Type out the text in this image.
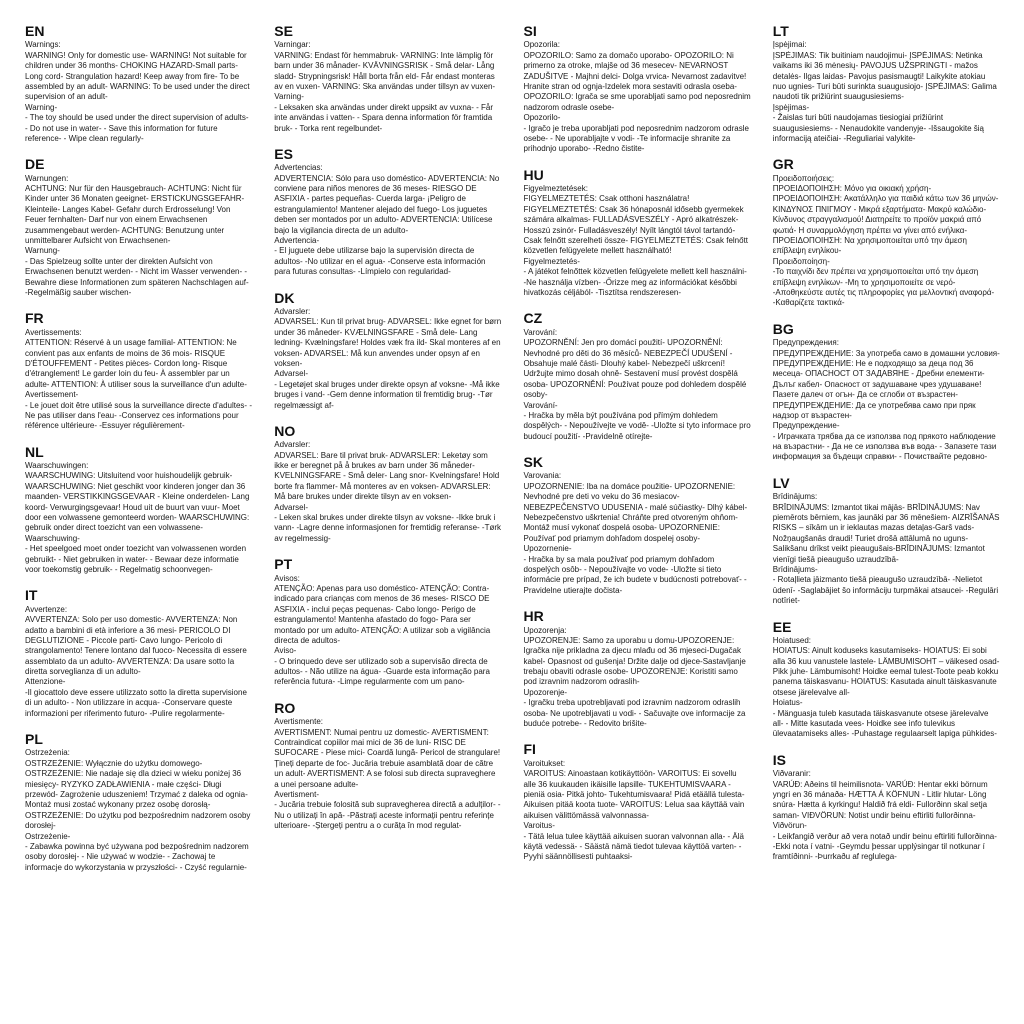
EN

Warnings:

WARNING! Only for domestic use- WARNING! Not suitable for children under 36 months- CHOKING HAZARD-Small parts- Long cord- Strangulation hazard! Keep away from fire- To be assembled by an adult- WARNING: To be used under the direct supervision of an adult-

Warning-

- The toy should be used under the direct supervision of adults- - Do not use in water- - Save this information for future reference- - Wipe clean regularly-

DE

Warnungen:

ACHTUNG: Nur für den Hausgebrauch- ACHTUNG: Nicht für Kinder unter 36 Monaten geeignet- ERSTICKUNGSGEFAHR-Kleinteile- Langes Kabel- Gefahr durch Erdrosselung! Von Feuer fernhalten- Darf nur von einem Erwachsenen zusammengebaut werden- ACHTUNG: Benutzung unter unmittelbarer Aufsicht von Erwachsenen-

Warnung-

- Das Spielzeug sollte unter der direkten Aufsicht von Erwachsenen benutzt werden- - Nicht im Wasser verwenden- -Bewahre diese Informationen zum späteren Nachschlagen auf- -Regelmäßig sauber wischen-

FR

Avertissements:

ATTENTION: Réservé à un usage familial- ATTENTION: Ne convient pas aux enfants de moins de 36 mois- RISQUE D'ÉTOUFFEMENT - Petites pièces- Cordon long- Risque d'étranglement! Le garder loin du feu- À assembler par un adulte- ATTENTION: À utiliser sous la surveillance d'un adulte-

Avertissement-

- Le jouet doit être utilisé sous la surveillance directe d'adultes- -Ne pas utiliser dans l'eau- -Conservez ces informations pour référence ultérieure- -Essuyer régulièrement-

NL

Waarschuwingen:

WAARSCHUWING: Uitsluitend voor huishoudelijk gebruik- WAARSCHUWING: Niet geschikt voor kinderen jonger dan 36 maanden- VERSTIKKINGSGEVAAR - Kleine onderdelen- Lang koord- Verwurgingsgevaar! Houd uit de buurt van vuur- Moet door een volwassene gemonteerd worden- WAARSCHUWING: gebruik onder direct toezicht van een volwassene-

Waarschuwing-

- Het speelgoed moet onder toezicht van volwassenen worden gebruikt- - Niet gebruiken in water- - Bewaar deze informatie voor toekomstig gebruik- - Regelmatig schoonvegen-

IT

Avvertenze:

AVVERTENZA: Solo per uso domestic- AVVERTENZA: Non adatto a bambini di età inferiore a 36 mesi- PERICOLO DI DEGLUTIZIONE - Piccole parti- Cavo lungo- Pericolo di strangolamento! Tenere lontano dal fuoco- Necessita di essere assemblato da un adulto- AVVERTENZA: Da usare sotto la diretta sorveglianza di un adulto-

Attenzione-

-Il giocattolo deve essere utilizzato sotto la diretta supervisione di un adulto- - Non utilizzare in acqua- -Conservare queste informazioni per riferimento futuro- -Pulire regolarmente-

PL

Ostrzeżenia:

OSTRZEŻENIE: Wyłącznie do użytku domowego- OSTRZEŻENIE: Nie nadaje się dla dzieci w wieku poniżej 36 miesięcy- RYZYKO ZADŁAWIENIA - małe części- Długi przewód- Zagrożenie uduszeniem! Trzymać z daleka od ognia- Montaż musi zostać wykonany przez osobę dorosłą- OSTRZEŻENIE: Do użytku pod bezpośrednim nadzorem osoby dorosłej-

Ostrzeżenie-

- Zabawka powinna być używana pod bezpośrednim nadzorem osoby dorosłej- - Nie używać w wodzie- - Zachowaj te informacje do wykorzystania w przyszłości- - Czyść regularnie-

SE

Varningar:

VARNING: Endast för hemmabruk- VARNING: Inte lämplig för barn under 36 månader- KVÄVNINGSRISK - Små delar- Lång sladd- Strypningsrisk! Håll borta från eld- Får endast monteras av en vuxen- VARNING: Ska användas under tillsyn av vuxen-

Varning-

- Leksaken ska användas under direkt uppsikt av vuxna- - Får inte användas i vatten- - Spara denna information för framtida bruk- - Torka rent regelbundet-

ES

Advertencias:

ADVERTENCIA: Sólo para uso doméstico- ADVERTENCIA: No conviene para niños menores de 36 meses- RIESGO DE ASFIXIA - partes pequeñas- Cuerda larga- ¡Peligro de estrangulamiento! Mantener alejado del fuego- Los juguetes deben ser montados por un adulto- ADVERTENCIA: Utilícese bajo la vigilancia directa de un adulto-

Advertencia-

- El juguete debe utilizarse bajo la supervisión directa de adultos- -No utilizar en el agua- -Conserve esta información para futuras consultas- -Límpielo con regularidad-

DK

Advarsler:

ADVARSEL: Kun til privat brug- ADVARSEL: Ikke egnet for børn under 36 måneder- KVÆLNINGSFARE - Små dele- Lang ledning- Kvælningsfare! Holdes væk fra ild- Skal monteres af en voksen- ADVARSEL: Må kun anvendes under opsyn af en voksen-

Advarsel-

- Legetøjet skal bruges under direkte opsyn af voksne- -Må ikke bruges i vand- -Gem denne information til fremtidig brug- -Tør regelmæssigt af-

NO

Advarsler:

ADVARSEL: Bare til privat bruk- ADVARSLER: Leketøy som ikke er beregnet på å brukes av barn under 36 måneder- KVELNINGSFARE - Små deler- Lang snor- Kvelningsfare! Hold borte fra flammer- Må monteres av en voksen- ADVARSLER: Må bare brukes under direkte tilsyn av en voksen-

Advarsel-

- Leken skal brukes under direkte tilsyn av voksne- -Ikke bruk i vann- -Lagre denne informasjonen for fremtidig referanse- -Tørk av regelmessig-

PT

Avisos:

ATENÇÃO: Apenas para uso doméstico- ATENÇÃO: Contra-indicado para crianças com menos de 36 meses- RISCO DE ASFIXIA - inclui peças pequenas- Cabo longo- Perigo de estrangulamento! Mantenha afastado do fogo- Para ser montado por um adulto- ATENÇÃO: A utilizar sob a vigilância directa de adultos-

Aviso-

- O brinquedo deve ser utilizado sob a supervisão directa de adultos- - Não utilize na água- -Guarde esta informação para referência futura- -Limpe regularmente com um pano-

RO

Avertismente:

AVERTISMENT: Numai pentru uz domestic- AVERTISMENT: Contraindicat copiilor mai mici de 36 de luni- RISC DE SUFOCARE - Piese mici- Coardă lungă- Pericol de strangulare! Țineți departe de foc- Jucăria trebuie asamblată doar de către un adult- AVERTISMENT: A se folosi sub directa supraveghere a unei persoane adulte-

Avertisment-

- Jucăria trebuie folosită sub supravegherea directă a adulților- - Nu o utilizați în apă- -Păstrați aceste informații pentru referințe ulterioare- -Ștergeți pentru a o curăța în mod regulat-

SI

Opozorila:

OPOZORILO: Samo za domačo uporabo- OPOZORILO: Ni primerno za otroke, mlajše od 36 mesecev- NEVARNOST ZADUŠITVE - Majhni delci- Dolga vrvica- Nevarnost zadavitve! Hranite stran od ognja-Izdelek mora sestaviti odrasla oseba- OPOZORILO: Igrača se sme uporabljati samo pod neposrednim nadzorom odrasle osebe-

Opozorilo-

- Igračo je treba uporabljati pod neposrednim nadzorom odrasle osebe- - Ne uporabljajte v vodi- -Te informacije shranite za prihodnjo uporabo- -Redno čistite-

HU

Figyelmeztetések:

FIGYELMEZTETÉS: Csak otthoni használatra! FIGYELMEZTETÉS: Csak 36 hónaposnál idősebb gyermekek számára alkalmas- FULLADÁSVESZÉLY - Apró alkatrészek- Hosszú zsinór- Fulladásveszély! Nyílt lángtól távol tartandó- Csak felnőtt szerelheti össze- FIGYELMEZTETÉS: Csak felnőtt közvetlen felügyelete mellett használható!

Figyelmeztetés-

- A játékot felnőttek közvetlen felügyelete mellett kell használni- -Ne használja vízben- -Őrizze meg az információkat későbbi hivatkozás céljából- -Tisztítsa rendszeresen-

CZ

Varování:

UPOZORNĚNÍ: Jen pro domácí použití- UPOZORNĚNÍ: Nevhodné pro děti do 36 měsíců- NEBEZPEČÍ UDUŠENÍ - Obsahuje malé části- Dlouhý kabel- Nebezpečí uškrcení! Udržujte mimo dosah ohně- Sestavení musí provést dospělá osoba- UPOZORNĚNÍ: Používat pouze pod dohledem dospělé osoby-

Varování-

- Hračka by měla být používána pod přímým dohledem dospělých- - Nepoužívejte ve vodě- -Uložte si tyto informace pro budoucí použití- -Pravidelně otírejte-

SK

Varovania:

UPOZORNENIE: Iba na domáce použitie- UPOZORNENIE: Nevhodné pre deti vo veku do 36 mesiacov- NEBEZPEČENSTVO UDUSENIA - malé súčiastky- Dlhý kábel- Nebezpečenstvo uškrtenia! Chráňte pred otvoreným ohňom- Montáž musí vykonať dospelá osoba- UPOZORNENIE: Používať pod priamym dohľadom dospelej osoby-

Upozornenie-

- Hračka by sa mala používať pod priamym dohľadom dospelých osôb- - Nepoužívajte vo vode- -Uložte si tieto informácie pre prípad, že ich budete v budúcnosti potrebovať- -Pravidelne utierajte dočista-

HR

Upozorenja:

UPOZORENJE: Samo za uporabu u domu-UPOZORENJE: Igračka nije prikladna za djecu mlađu od 36 mjeseci-Dugačak kabel- Opasnost od gušenja! Držite dalje od djece-Sastavljanje trebaju obaviti odrasle osobe- UPOZORENJE: Koristiti samo pod izravnim nadzorom odraslih-

Upozorenje-

- Igračku treba upotrebljavati pod izravnim nadzorom odraslih osoba- Ne upotrebljavati u vodi- - Sačuvajte ove informacije za buduće potrebe- - Redovito brišite-

FI

Varoitukset:

VAROITUS: Ainoastaan kotikäyttöön- VAROITUS: Ei sovellu alle 36 kuukauden ikäisille lapsille- TUKEHTUMISVAARA - pieniä osia- Pitkä johto- Tukehtumisvaara! Pidä etäällä tulesta- Aikuisen pitää koota tuote- VAROITUS: Lelua saa käyttää vain aikuisen välittömässä valvonnassa-

Varoitus-

- Tätä lelua tulee käyttää aikuisen suoran valvonnan alla- - Älä käytä vedessä- - Säästä nämä tiedot tulevaa käyttöä varten- - Pyyhi säännöllisesti puhtaaksi-

LT

Įspėjimai:

ĮSPĖJIMAS: Tik buitiniam naudojimui- ĮSPĖJIMAS: Netinka vaikams iki 36 mėnesių- PAVOJUS UŽSPRINGTI - mažos detalės- Ilgas laidas- Pavojus pasismaugti! Laikykite atokiau nuo ugnies- Turi būti surinkta suaugusiojo- ĮSPĖJIMAS: Galima naudoti tik prižiūrint suaugusiesiems-

Įspėjimas-

- Žaislas turi būti naudojamas tiesiogiai prižiūrint suaugusiesiems- - Nenaudokite vandenyje- -Išsaugokite šią informaciją ateičiai- -Reguliariai valykite-

GR

Προειδοποιήσεις:

ΠΡΟΕΙΔΟΠΟΙΗΣΗ: Μόνο για οικιακή χρήση- ΠΡΟΕΙΔΟΠΟΙΗΣΗ: Ακατάλληλο για παιδιά κάτω των 36 μηνών- ΚΙΝΔΥΝΟΣ ΠΝΙΓΜΟΥ - Μικρά εξαρτήματα- Μακρύ καλώδιο- Κίνδυνος στραγγαλισμού! Διατηρείτε το προϊόν μακριά από φωτιά- Η συναρμολόγηση πρέπει να γίνει από ενήλικα- ΠΡΟΕΙΔΟΠΟΙΗΣΗ: Να χρησιμοποιείται υπό την άμεση επίβλεψη ενηλίκου-

Προειδοποίηση-

-Το παιχνίδι δεν πρέπει να χρησιμοποιείται υπό την άμεση επίβλεψη ενηλίκων- -Μη το χρησιμοποιείτε σε νερό- -Αποθηκεύστε αυτές τις πληροφορίες για μελλοντική αναφορά- -Καθαρίζετε τακτικά-

BG

Предупреждения:

ПРЕДУПРЕЖДЕНИЕ: За употреба само в домашни условия- ПРЕДУПРЕЖДЕНИЕ: Не е подходящо за деца под 36 месеца- ОПАСНОСТ ОТ ЗАДАВЯНЕ - Дребни елементи- Дълъг кабел- Опасност от задушаване чрез удушаване! Пазете далеч от огън- Да се сглоби от възрастен- ПРЕДУПРЕЖДЕНИЕ: Да се употребява само при пряк надзор от възрастен-

Предупреждение-

- Играчката трябва да се използва под прякото наблюдение на възрастни- - Да не се използва във вода- - Запазете тази информация за бъдещи справки- - Почиствайте редовно-

LV

Brīdinājums:

BRĪDINĀJUMS: Izmantot tikai mājās- BRĪDINĀJUMS: Nav piemērots bērniem, kas jaunāki par 36 mēnešiem- AIZRĪŠANĀS RISKS – sīkām un ir ieklautas mazas detaļas-Garš vads- Nožņaugšanās draudi! Turiet drošā attālumā no uguns- Salikšanu drīkst veikt pieaugušais-BRĪDINĀJUMS: Izmantot vienīgi tiešā pieaugušo uzraudzībā-

Brīdinājums-

- Rotaļlieta jāizmanto tiešā pieaugušo uzraudzībā- -Nelietot ūdenī- -Saglabājiet šo informāciju turpmākai atsaucei- -Regulāri notīriet-

EE

Hoiatused:

HOIATUS: Ainult koduseks kasutamiseks- HOIATUS: Ei sobi alla 36 kuu vanustele lastele- LÄMBUMISOHT – väikesed osad- Pikk juhe- Lämbumisoht! Hoidke eemal tulest-Toote peab kokku panema täiskasvanu- HOIATUS: Kasutada ainult täiskasvanute otsese järelevalve all-

Hoiatus-

- Mänguasja tuleb kasutada täiskasvanute otsese järelevalve all- - Mitte kasutada vees- Hoidke see info tulevikus ülevaatamiseks alles- -Puhastage regulaarselt lapiga pühkides-

IS

Viðvaranir:

VARÚÐ: Aðeins til heimilisnota- VARÚÐ: Hentar ekki börnum yngri en 36 mánaða- HÆTTA Á KÖFNUN - Litlir hlutar- Löng snúra- Hætta á kyrkingu! Haldið frá eldi- Fullorðinn skal setja saman- VIÐVÖRUN: Notist undir beinu eftirliti fullorðinna-

Viðvörun-

- Leikfangið verður að vera notað undir beinu eftirliti fullorðinna- -Ekki nota í vatni- -Geymdu þessar upplýsingar til notkunar í framtíðinni- -Þurrkaðu af reglulega-
